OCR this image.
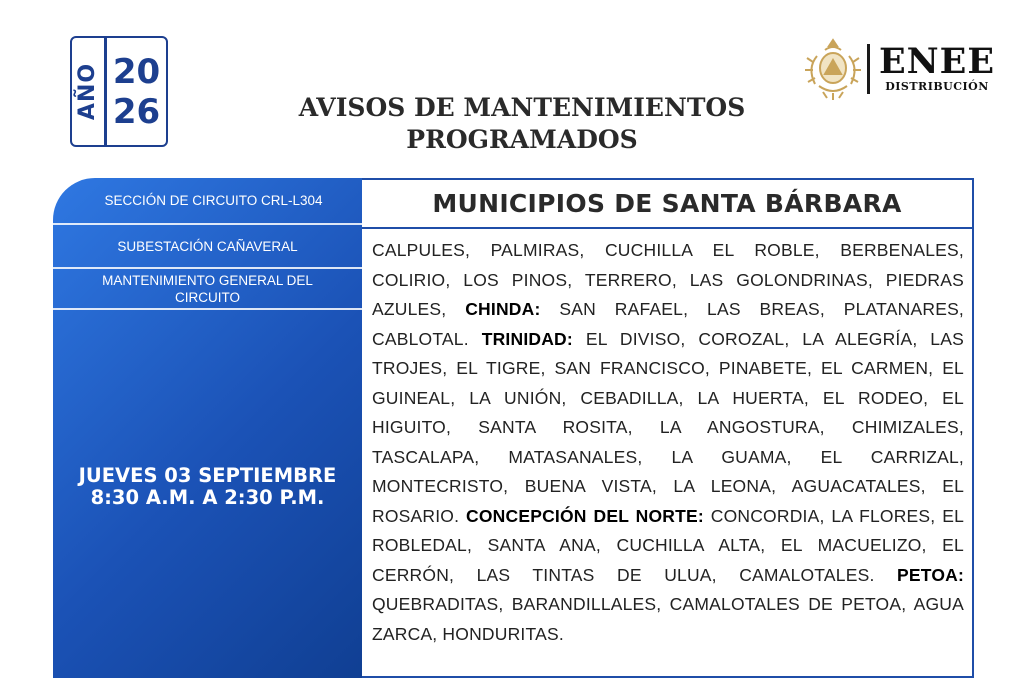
AÑO 20
26	AVISOS DE MANTENIMIENTOS
PROGRAMADOS
ENEE
DISTRIBUCIÓN
SECCIÓN DE CIRCUITO CRL-L304
SUBESTACIÓN CAÑAVERAL
MANTENIMIENTO GENERAL DEL CIRCUITO
JUEVES 03 SEPTIEMBRE
8:30 A.M. A 2:30 P.M.
MUNICIPIOS DE SANTA BÁRBARA
CALPULES, PALMIRAS, CUCHILLA EL ROBLE, BERBENALES, COLIRIO, LOS PINOS, TERRERO, LAS GOLONDRINAS, PIEDRAS AZULES, CHINDA: SAN RAFAEL, LAS BREAS, PLATANARES, CABLOTAL. TRINIDAD: EL DIVISO, COROZAL, LA ALEGRÍA, LAS TROJES, EL TIGRE, SAN FRANCISCO, PINABETE, EL CARMEN, EL GUINEAL, LA UNIÓN, CEBADILLA, LA HUERTA, EL RODEO, EL HIGUITO, SANTA ROSITA, LA ANGOSTURA, CHIMIZALES, TASCALAPA, MATASANALES, LA GUAMA, EL CARRIZAL, MONTECRISTO, BUENA VISTA, LA LEONA, AGUACATALES, EL ROSARIO. CONCEPCIÓN DEL NORTE: CONCORDIA, LA FLORES, EL ROBLEDAL, SANTA ANA, CUCHILLA ALTA, EL MACUELIZO, EL CERRÓN, LAS TINTAS DE ULUA, CAMALOTALES. PETOA: QUEBRADITAS, BARANDILLALES, CAMALOTALES DE PETOA, AGUA ZARCA, HONDURITAS.
